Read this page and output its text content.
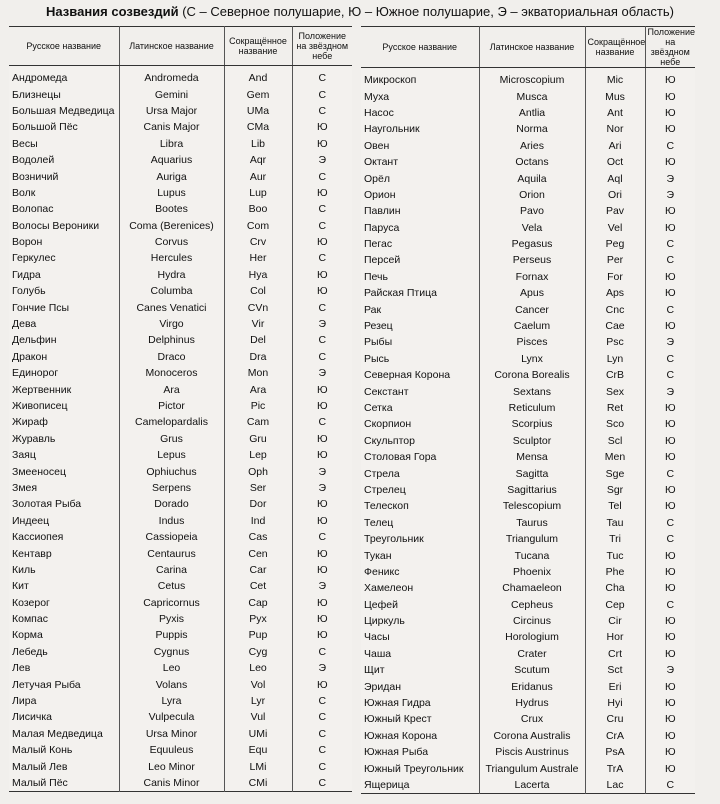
Названия созвездий (С – Северное полушарие, Ю – Южное полушарие, Э – экваториальная область)
Русское название	Латинское название	Сокращённое название	Положение на звёздном небе
Андромеда	Andromeda	And	С
Близнецы	Gemini	Gem	С
Большая Медведица	Ursa Major	UMa	С
Большой Пёс	Canis Major	CMa	Ю
Весы	Libra	Lib	Ю
Водолей	Aquarius	Aqr	Э
Возничий	Auriga	Aur	С
Волк	Lupus	Lup	Ю
Волопас	Bootes	Boo	С
Волосы Вероники	Coma (Berenices)	Com	С
Ворон	Corvus	Crv	Ю
Геркулес	Hercules	Her	С
Гидра	Hydra	Hya	Ю
Голубь	Columba	Col	Ю
Гончие Псы	Canes Venatici	CVn	С
Дева	Virgo	Vir	Э
Дельфин	Delphinus	Del	С
Дракон	Draco	Dra	С
Единорог	Monoceros	Mon	Э
Жертвенник	Ara	Ara	Ю
Живописец	Pictor	Pic	Ю
Жираф	Camelopardalis	Cam	С
Журавль	Grus	Gru	Ю
Заяц	Lepus	Lep	Ю
Змееносец	Ophiuchus	Oph	Э
Змея	Serpens	Ser	Э
Золотая Рыба	Dorado	Dor	Ю
Индеец	Indus	Ind	Ю
Кассиопея	Cassiopeia	Cas	С
Кентавр	Centaurus	Cen	Ю
Киль	Carina	Car	Ю
Кит	Cetus	Cet	Э
Козерог	Capricornus	Cap	Ю
Компас	Pyxis	Pyx	Ю
Корма	Puppis	Pup	Ю
Лебедь	Cygnus	Cyg	С
Лев	Leo	Leo	Э
Летучая Рыба	Volans	Vol	Ю
Лира	Lyra	Lyr	С
Лисичка	Vulpecula	Vul	С
Малая Медведица	Ursa Minor	UMi	С
Малый Конь	Equuleus	Equ	С
Малый Лев	Leo Minor	LMi	С
Малый Пёс	Canis Minor	CMi	С
Русское название	Латинское название	Сокращённое название	Положение на звёздном небе
Микроскоп	Microscopium	Mic	Ю
Муха	Musca	Mus	Ю
Насос	Antlia	Ant	Ю
Наугольник	Norma	Nor	Ю
Овен	Aries	Ari	С
Октант	Octans	Oct	Ю
Орёл	Aquila	Aql	Э
Орион	Orion	Ori	Э
Павлин	Pavo	Pav	Ю
Паруса	Vela	Vel	Ю
Пегас	Pegasus	Peg	С
Персей	Perseus	Per	С
Печь	Fornax	For	Ю
Райская Птица	Apus	Aps	Ю
Рак	Cancer	Cnc	С
Резец	Caelum	Cae	Ю
Рыбы	Pisces	Psc	Э
Рысь	Lynx	Lyn	С
Северная Корона	Corona Borealis	CrB	С
Секстант	Sextans	Sex	Э
Сетка	Reticulum	Ret	Ю
Скорпион	Scorpius	Sco	Ю
Скульптор	Sculptor	Scl	Ю
Столовая Гора	Mensa	Men	Ю
Стрела	Sagitta	Sge	С
Стрелец	Sagittarius	Sgr	Ю
Телескоп	Telescopium	Tel	Ю
Телец	Taurus	Tau	С
Треугольник	Triangulum	Tri	С
Тукан	Tucana	Tuc	Ю
Феникс	Phoenix	Phe	Ю
Хамелеон	Chamaeleon	Cha	Ю
Цефей	Cepheus	Cep	С
Циркуль	Circinus	Cir	Ю
Часы	Horologium	Hor	Ю
Чаша	Crater	Crt	Ю
Щит	Scutum	Sct	Э
Эридан	Eridanus	Eri	Ю
Южная Гидра	Hydrus	Hyi	Ю
Южный Крест	Crux	Cru	Ю
Южная Корона	Corona Australis	CrA	Ю
Южная Рыба	Piscis Austrinus	PsA	Ю
Южный Треугольник	Triangulum Australe	TrA	Ю
Ящерица	Lacerta	Lac	С
